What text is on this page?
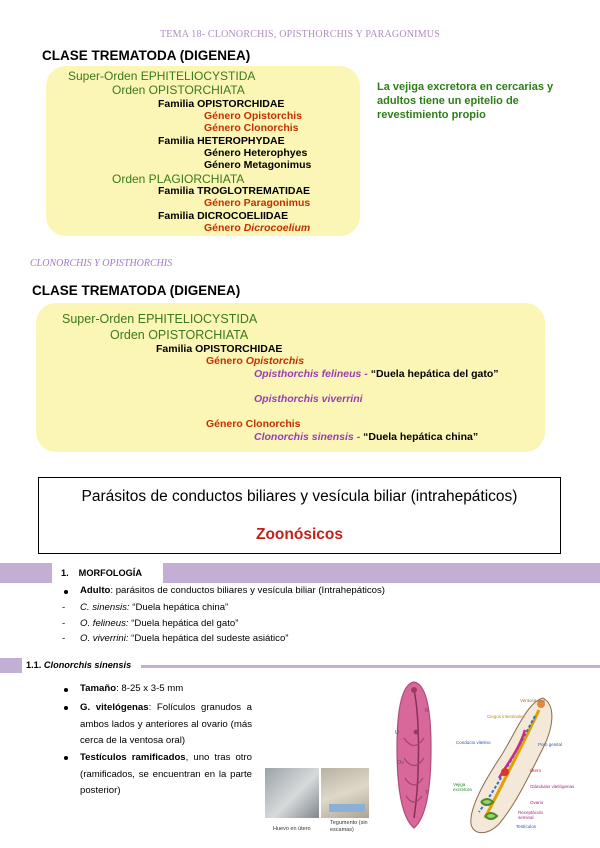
TEMA 18- CLONORCHIS, OPISTHORCHIS Y PARAGONIMUS
CLASE TREMATODA (DIGENEA)
Super-Orden EPHITELIOCYSTIDA
Orden OPISTORCHIATA
Familia OPISTORCHIDAE
Género Opistorchis
Género Clonorchis
Familia HETEROPHYDAE
Género Heterophyes
Género Metagonimus
Orden PLAGIORCHIATA
Familia TROGLOTREMATIDAE
Género Paragonimus
Familia DICROCOELIIDAE
Género Dicrocoelium
La vejiga excretora en cercarias y
adultos tiene un epitelio de
revestimiento propio
CLONORCHIS Y OPISTHORCHIS
CLASE TREMATODA (DIGENEA)
Super-Orden EPHITELIOCYSTIDA
Orden OPISTORCHIATA
Familia OPISTORCHIDAE
Género Opistorchis
Opisthorchis felineus - “Duela hepática del gato”
Opisthorchis viverrini
Género Clonorchis
Clonorchis sinensis - “Duela hepática china”
Parásitos de conductos biliares y vesícula biliar (intrahepáticos)
Zoonósicos
1. MORFOLOGÍA
Adulto: parásitos de conductos biliares y vesícula biliar (Intrahepáticos)
- C. sinensis: “Duela hepática china”
- O. felineus: “Duela hepática del gato”
- O. viverrini: “Duela hepática del sudeste asiático”
1.1. Clonorchis sinensis
Tamaño: 8-25 x 3-5 mm
G. vitelógenas: Folículos granudos a
ambos lados y anteriores al ovario (más
cerca de la ventosa oral)
Testículos ramificados, uno tras otro
(ramificados, se encuentran en la parte
posterior)
Huevo en útero
Tegumento (sin escamas)
U
Ov
R
T
Ventosa oral
Ciegos intestinales
Conducto vitelino	Poro genital
Útero
Glándulas vitelógenas
Vejiga excretora
Ovario
Receptáculo seminal
Testículos
